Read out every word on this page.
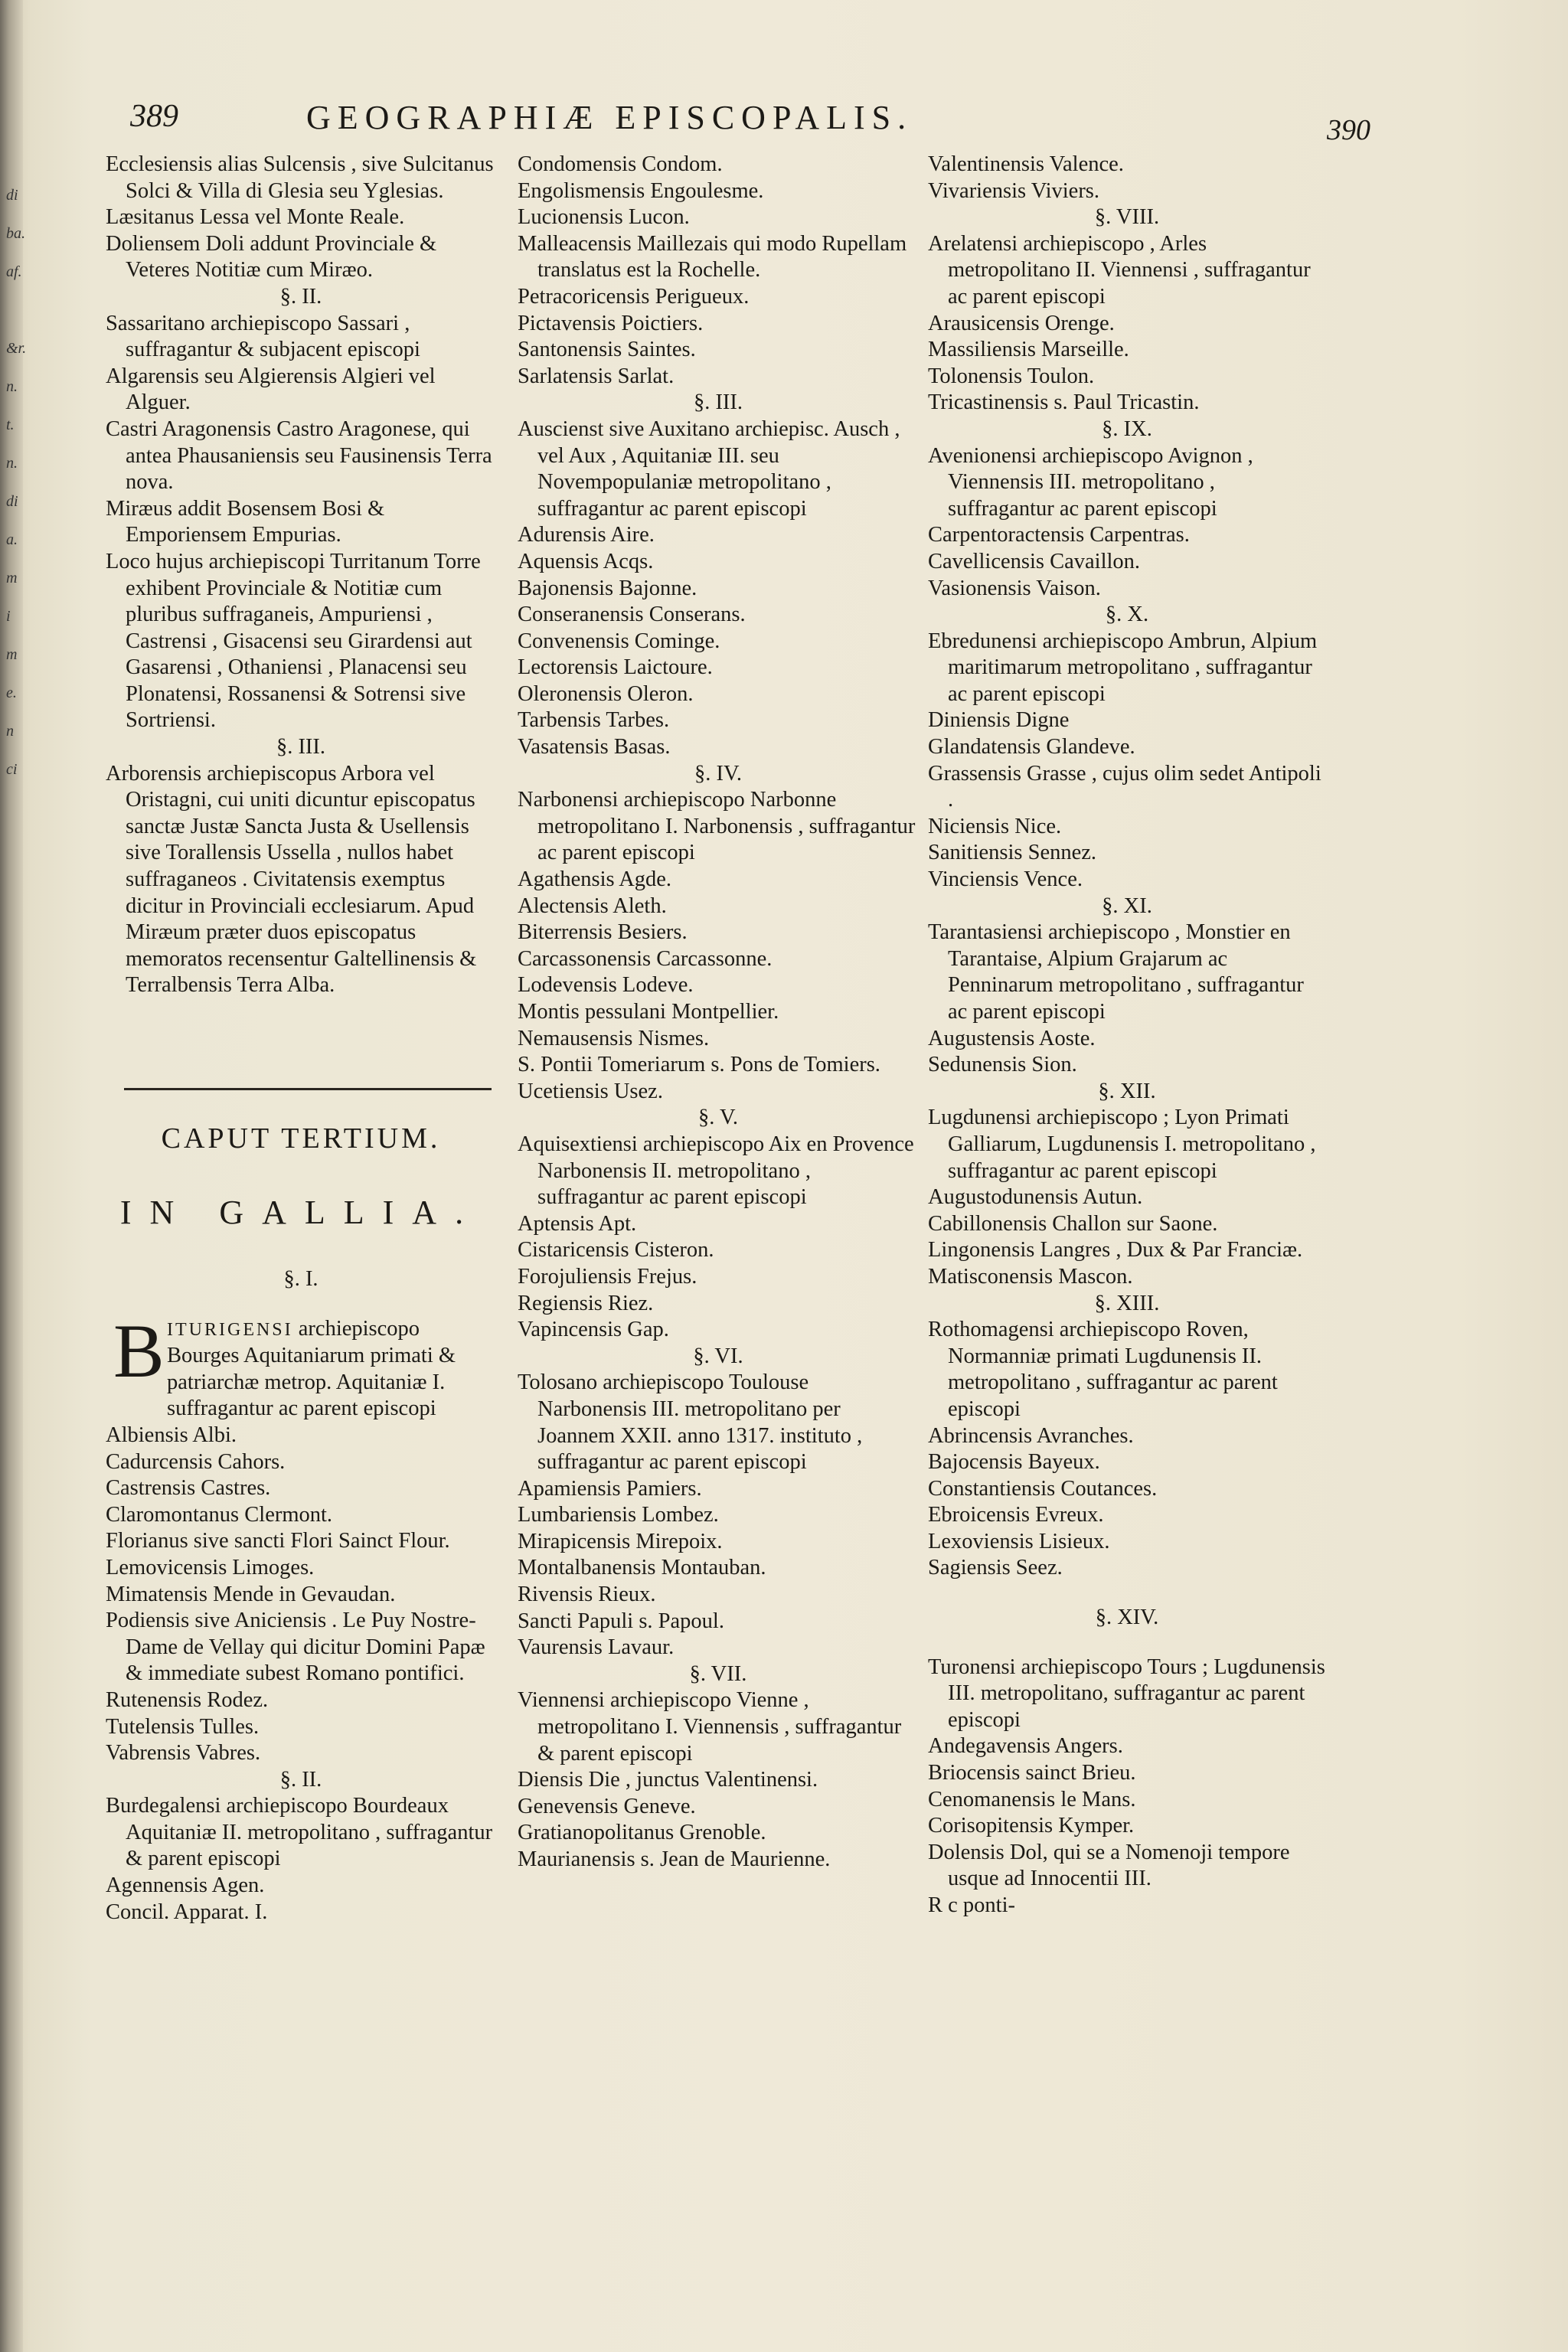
di
ba.
af.
&r.
n.
t.
n.
di
a.
m
i
m
e.
n
ci
389	GEOGRAPHIÆ EPISCOPALIS.	390
Ecclesiensis alias Sulcensis , sive Sulcitanus Solci & Villa di Glesia seu Yglesias.
Læsitanus Lessa vel Monte Reale.
Doliensem Doli addunt Provinciale & Veteres Notitiæ cum Miræo.
§. II.
Sassaritano archiepiscopo Sassari , suffragantur & subjacent episcopi
Algarensis seu Algierensis Algieri vel Alguer.
Castri Aragonensis Castro Aragonese, qui antea Phausaniensis seu Fausinensis Terra nova.
Miræus addit Bosensem Bosi & Emporiensem Empurias.
Loco hujus archiepiscopi Turritanum Torre exhibent Provinciale & Notitiæ cum pluribus suffraganeis, Ampuriensi , Castrensi , Gisacensi seu Girardensi aut Gasarensi , Othaniensi , Planacensi seu Plonatensi, Rossanensi & Sotrensi sive Sortriensi.
§. III.
Arborensis archiepiscopus Arbora vel Oristagni, cui uniti dicuntur episcopatus sanctæ Justæ Sancta Justa & Usellensis sive Torallensis Ussella , nullos habet suffraganeos . Civitatensis exemptus dicitur in Provinciali ecclesiarum. Apud Miræum præter duos episcopatus memoratos recensentur Galtellinensis & Terralbensis Terra Alba.
CAPUT TERTIUM.
IN GALLIA.
§. I.
B ITURIGENSI archiepiscopo Bourges Aquitaniarum primati & patriarchæ metrop. Aquitaniæ I. suffragantur ac parent episcopi
Albiensis Albi.
Cadurcensis Cahors.
Castrensis Castres.
Claromontanus Clermont.
Florianus sive sancti Flori Sainct Flour.
Lemovicensis Limoges.
Mimatensis Mende in Gevaudan.
Podiensis sive Aniciensis . Le Puy Nostre-Dame de Vellay qui dicitur Domini Papæ & immediate subest Romano pontifici.
Rutenensis Rodez.
Tutelensis Tulles.
Vabrensis Vabres.
§. II.
Burdegalensi archiepiscopo Bourdeaux Aquitaniæ II. metropolitano , suffragantur & parent episcopi
Agennensis Agen.
Concil. Apparat. I.
Condomensis Condom.
Engolismensis Engoulesme.
Lucionensis Lucon.
Malleacensis Maillezais qui modo Rupellam translatus est la Rochelle.
Petracoricensis Perigueux.
Pictavensis Poictiers.
Santonensis Saintes.
Sarlatensis Sarlat.
§. III.
Auscienst sive Auxitano archiepisc. Ausch , vel Aux , Aquitaniæ III. seu Novempopulaniæ metropolitano , suffragantur ac parent episcopi
Adurensis Aire.
Aquensis Acqs.
Bajonensis Bajonne.
Conseranensis Conserans.
Convenensis Cominge.
Lectorensis Laictoure.
Oleronensis Oleron.
Tarbensis Tarbes.
Vasatensis Basas.
§. IV.
Narbonensi archiepiscopo Narbonne metropolitano I. Narbonensis , suffragantur ac parent episcopi
Agathensis Agde.
Alectensis Aleth.
Biterrensis Besiers.
Carcassonensis Carcassonne.
Lodevensis Lodeve.
Montis pessulani Montpellier.
Nemausensis Nismes.
S. Pontii Tomeriarum s. Pons de Tomiers.
Ucetiensis Usez.
§. V.
Aquisextiensi archiepiscopo Aix en Provence Narbonensis II. metropolitano , suffragantur ac parent episcopi
Aptensis Apt.
Cistaricensis Cisteron.
Forojuliensis Frejus.
Regiensis Riez.
Vapincensis Gap.
§. VI.
Tolosano archiepiscopo Toulouse Narbonensis III. metropolitano per Joannem XXII. anno 1317. instituto , suffragantur ac parent episcopi
Apamiensis Pamiers.
Lumbariensis Lombez.
Mirapicensis Mirepoix.
Montalbanensis Montauban.
Rivensis Rieux.
Sancti Papuli s. Papoul.
Vaurensis Lavaur.
§. VII.
Viennensi archiepiscopo Vienne , metropolitano I. Viennensis , suffragantur & parent episcopi
Diensis Die , junctus Valentinensi.
Genevensis Geneve.
Gratianopolitanus Grenoble.
Maurianensis s. Jean de Maurienne.
Valentinensis Valence.
Vivariensis Viviers.
§. VIII.
Arelatensi archiepiscopo , Arles metropolitano II. Viennensi , suffragantur ac parent episcopi
Arausicensis Orenge.
Massiliensis Marseille.
Tolonensis Toulon.
Tricastinensis s. Paul Tricastin.
§. IX.
Avenionensi archiepiscopo Avignon , Viennensis III. metropolitano , suffragantur ac parent episcopi
Carpentoractensis Carpentras.
Cavellicensis Cavaillon.
Vasionensis Vaison.
§. X.
Ebredunensi archiepiscopo Ambrun, Alpium maritimarum metropolitano , suffragantur ac parent episcopi
Diniensis Digne
Glandatensis Glandeve.
Grassensis Grasse , cujus olim sedet Antipoli .
Niciensis Nice.
Sanitiensis Sennez.
Vinciensis Vence.
§. XI.
Tarantasiensi archiepiscopo , Monstier en Tarantaise, Alpium Grajarum ac Penninarum metropolitano , suffragantur ac parent episcopi
Augustensis Aoste.
Sedunensis Sion.
§. XII.
Lugdunensi archiepiscopo ; Lyon Primati Galliarum, Lugdunensis I. metropolitano , suffragantur ac parent episcopi
Augustodunensis Autun.
Cabillonensis Challon sur Saone.
Lingonensis Langres , Dux & Par Franciæ.
Matisconensis Mascon.
§. XIII.
Rothomagensi archiepiscopo Roven, Normanniæ primati Lugdunensis II. metropolitano , suffragantur ac parent episcopi
Abrincensis Avranches.
Bajocensis Bayeux.
Constantiensis Coutances.
Ebroicensis Evreux.
Lexoviensis Lisieux.
Sagiensis Seez.
§. XIV.
Turonensi archiepiscopo Tours ; Lugdunensis III. metropolitano, suffragantur ac parent episcopi
Andegavensis Angers.
Briocensis sainct Brieu.
Cenomanensis le Mans.
Corisopitensis Kymper.
Dolensis Dol, qui se a Nomenoji tempore usque ad Innocentii III.
R c ponti-
